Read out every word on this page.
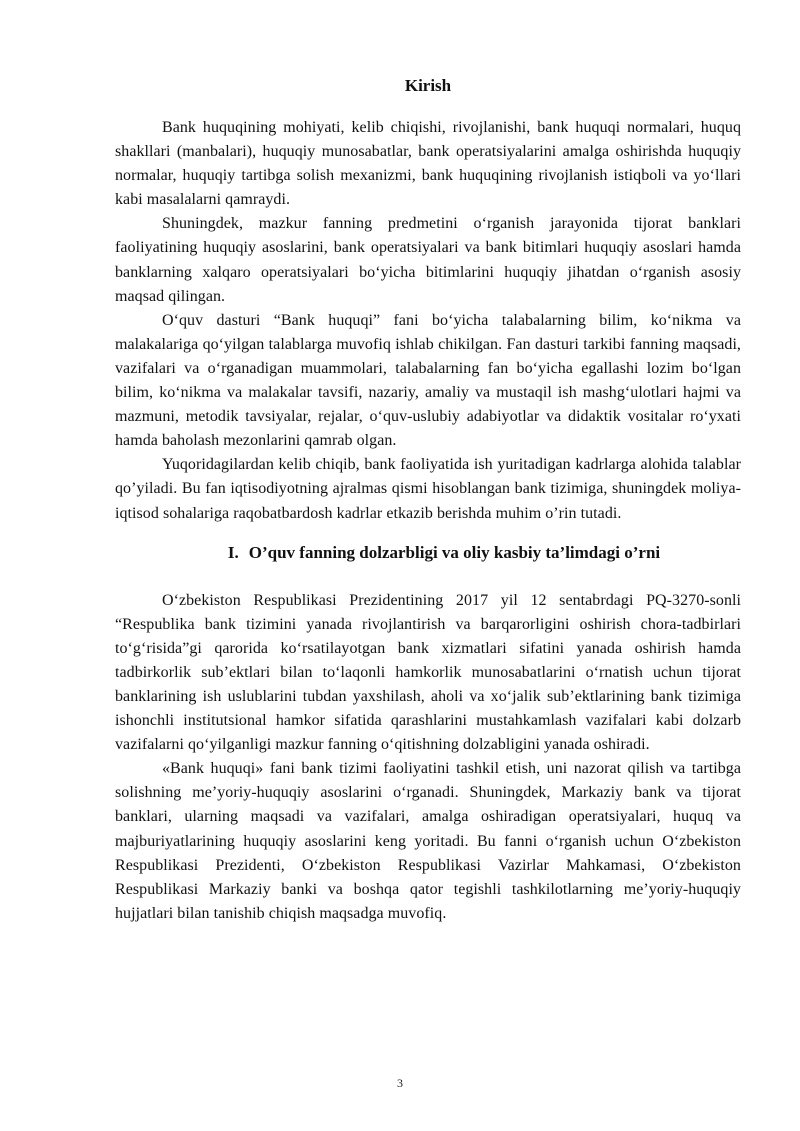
Kirish

Bank huquqining mohiyati, kelib chiqishi, rivojlanishi, bank huquqi normalari, huquq shakllari (manbalari), huquqiy munosabatlar, bank operatsiyalarini amalga oshirishda huquqiy normalar, huquqiy tartibga solish mexanizmi, bank huquqining rivojlanish istiqboli va yo‘llari kabi masalalarni qamraydi.

Shuningdek, mazkur fanning predmetini o‘rganish jarayonida tijorat banklari faoliyatining huquqiy asoslarini, bank operatsiyalari va bank bitimlari huquqiy asoslari hamda banklarning xalqaro operatsiyalari bo‘yicha bitimlarini huquqiy jihatdan o‘rganish asosiy maqsad qilingan.

O‘quv dasturi “Bank huquqi” fani bo‘yicha talabalarning bilim, ko‘nikma va malakalariga qo‘yilgan talablarga muvofiq ishlab chikilgan. Fan dasturi tarkibi fanning maqsadi, vazifalari va o‘rganadigan muammolari, talabalarning fan bo‘yicha egallashi lozim bo‘lgan bilim, ko‘nikma va malakalar tavsifi, nazariy, amaliy va mustaqil ish mashg‘ulotlari hajmi va mazmuni, metodik tavsiyalar, rejalar, o‘quv-uslubiy adabiyotlar va didaktik vositalar ro‘yxati hamda baholash mezonlarini qamrab olgan.

Yuqoridagilardan kelib chiqib, bank faoliyatida ish yuritadigan kadrlarga alohida talablar qo’yiladi. Bu fan iqtisodiyotning ajralmas qismi hisoblangan bank tizimiga, shuningdek moliya-iqtisod sohalariga raqobatbardosh kadrlar etkazib berishda muhim o’rin tutadi.

I. O’quv fanning dolzarbligi va oliy kasbiy ta’limdagi o’rni

O‘zbekiston Respublikasi Prezidentining 2017 yil 12 sentabrdagi PQ-3270-sonli “Respublika bank tizimini yanada rivojlantirish va barqarorligini oshirish chora-tadbirlari to‘g‘risida”gi qarorida ko‘rsatilayotgan bank xizmatlari sifatini yanada oshirish hamda tadbirkorlik sub’ektlari bilan to‘laqonli hamkorlik munosabatlarini o‘rnatish uchun tijorat banklarining ish uslublarini tubdan yaxshilash, aholi va xo‘jalik sub’ektlarining bank tizimiga ishonchli institutsional hamkor sifatida qarashlarini mustahkamlash vazifalari kabi dolzarb vazifalarni qo‘yilganligi mazkur fanning o‘qitishning dolzabligini yanada oshiradi.

«Bank huquqi» fani bank tizimi faoliyatini tashkil etish, uni nazorat qilish va tartibga solishning me’yoriy-huquqiy asoslarini o‘rganadi. Shuningdek, Markaziy bank va tijorat banklari, ularning maqsadi va vazifalari, amalga oshiradigan operatsiyalari, huquq va majburiyatlarining huquqiy asoslarini keng yoritadi. Bu fanni o‘rganish uchun O‘zbekiston Respublikasi Prezidenti, O‘zbekiston Respublikasi Vazirlar Mahkamasi, O‘zbekiston Respublikasi Markaziy banki va boshqa qator tegishli tashkilotlarning me’yoriy-huquqiy hujjatlari bilan tanishib chiqish maqsadga muvofiq.

3
